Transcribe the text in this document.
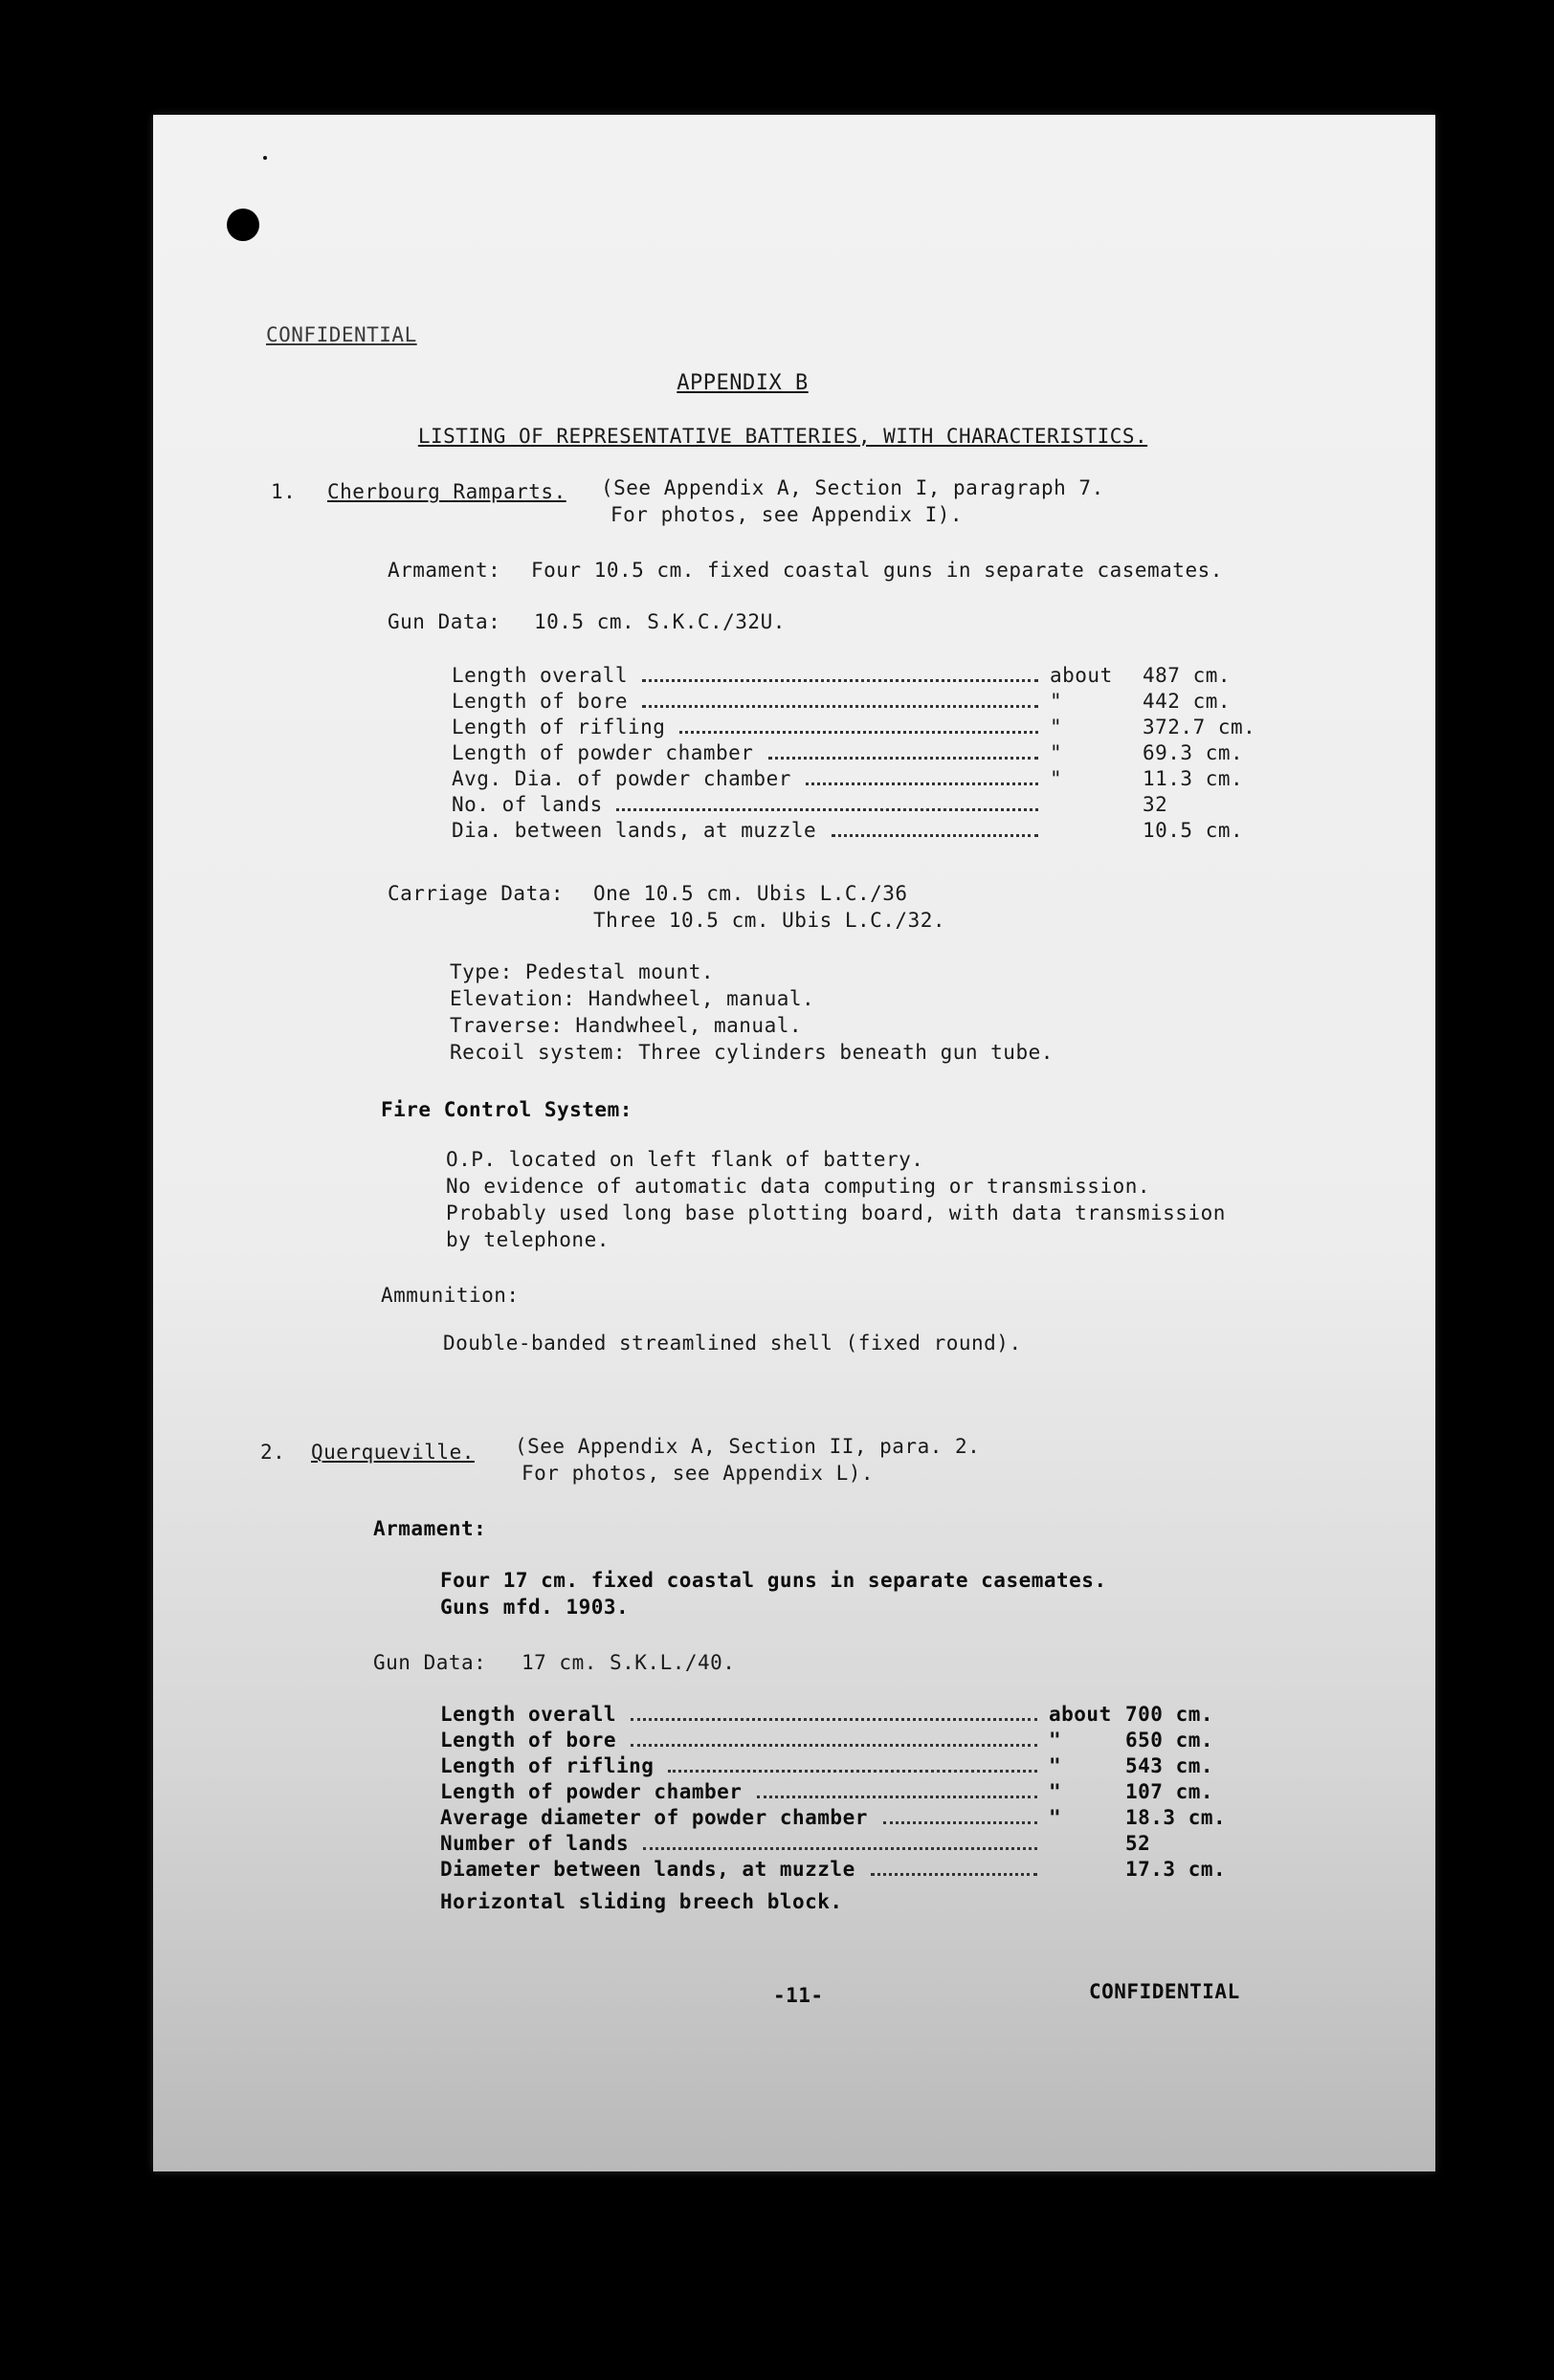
CONFIDENTIAL
APPENDIX B
LISTING OF REPRESENTATIVE BATTERIES, WITH CHARACTERISTICS.
1. Cherbourg Ramparts. (See Appendix A, Section I, paragraph 7.
For photos, see Appendix I).
Armament: Four 10.5 cm. fixed coastal guns in separate casemates.
Gun Data: 10.5 cm. S.K.C./32U.
Length overall	about 487 cm.
Length of bore	"	442 cm.
Length of rifling	"	372.7 cm.
Length of powder chamber	"	69.3 cm.
Avg. Dia. of powder chamber	"	11.3 cm.
No. of lands	32
Dia. between lands, at muzzle	10.5 cm.
Carriage Data: One 10.5 cm. Ubis L.C./36
Three 10.5 cm. Ubis L.C./32.
Type: Pedestal mount.
Elevation: Handwheel, manual.
Traverse: Handwheel, manual.
Recoil system: Three cylinders beneath gun tube.
Fire Control System:
O.P. located on left flank of battery.
No evidence of automatic data computing or transmission.
Probably used long base plotting board, with data transmission
by telephone.
Ammunition:
Double-banded streamlined shell (fixed round).
2. Querqueville. (See Appendix A, Section II, para. 2.
For photos, see Appendix L).
Armament:
Four 17 cm. fixed coastal guns in separate casemates.
Guns mfd. 1903.
Gun Data: 17 cm. S.K.L./40.
Length overall	about 700 cm.
Length of bore	"	650 cm.
Length of rifling	"	543 cm.
Length of powder chamber	"	107 cm.
Average diameter of powder chamber	"	18.3 cm.
Number of lands	52
Diameter between lands, at muzzle	17.3 cm.
Horizontal sliding breech block.
-11-	CONFIDENTIAL
